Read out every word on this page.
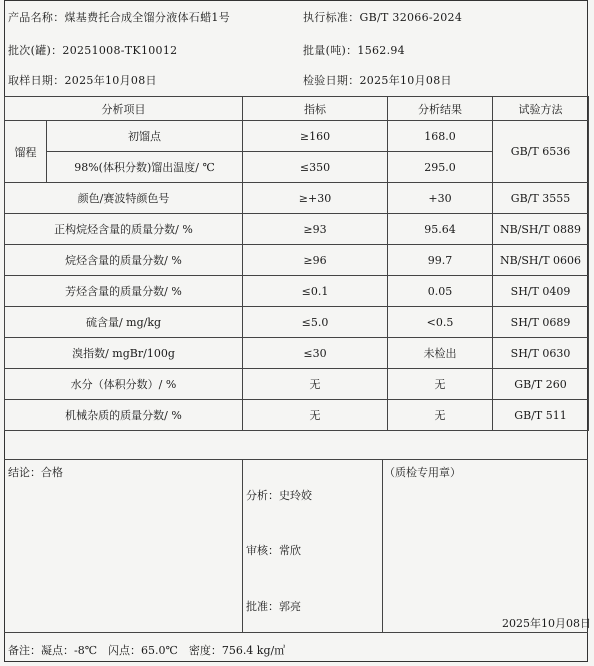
产品名称：煤基费托合成全馏分液体石蜡1号	执行标准：GB/T 32066-2024
批次(罐)：20251008-TK10012	批量(吨)：1562.94
取样日期：2025年10月08日	检验日期：2025年10月08日
分析项目		指标	分析结果	试验方法
馏程	初馏点	≥160	168.0	GB/T 6536
	98%(体积分数)馏出温度/ ℃	≤350	295.0	
颜色/赛波特颜色号		≥+30	+30	GB/T 3555
正构烷烃含量的质量分数/ %		≥93	95.64	NB/SH/T 0889
烷烃含量的质量分数/ %		≥96	99.7	NB/SH/T 0606
芳烃含量的质量分数/ %		≤0.1	0.05	SH/T 0409
硫含量/ mg/kg		≤5.0	<0.5	SH/T 0689
溴指数/ mgBr/100g		≤30	未检出	SH/T 0630
水分（体积分数）/ %		无	无	GB/T 260
机械杂质的质量分数/ %		无	无	GB/T 511
结论：合格
分析：史玲姣
审核：常欣
批准：郭亮
（质检专用章）
2025年10月08日
备注：凝点：-8℃　闪点：65.0℃　密度：756.4 kg/㎥
